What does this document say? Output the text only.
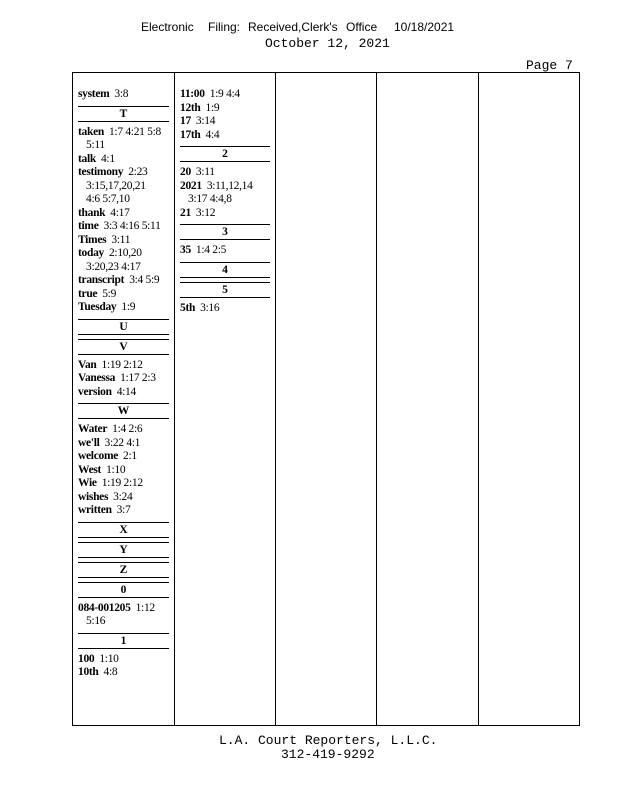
Electronic Filing: Received,Clerk's Office 10/18/2021
October 12, 2021
Page 7
system 3:8
T
taken 1:7 4:21 5:8
5:11
talk 4:1
testimony 2:23
3:15,17,20,21
4:6 5:7,10
thank 4:17
time 3:3 4:16 5:11
Times 3:11
today 2:10,20
3:20,23 4:17
transcript 3:4 5:9
true 5:9
Tuesday 1:9
U
V
Van 1:19 2:12
Vanessa 1:17 2:3
version 4:14
W
Water 1:4 2:6
we'll 3:22 4:1
welcome 2:1
West 1:10
Wie 1:19 2:12
wishes 3:24
written 3:7
X
Y
Z
0
084-001205 1:12
5:16
1
100 1:10
10th 4:8
11:00 1:9 4:4
12th 1:9
17 3:14
17th 4:4
2
20 3:11
2021 3:11,12,14
3:17 4:4,8
21 3:12
3
35 1:4 2:5
4
5
5th 3:16
L.A. Court Reporters, L.L.C.
312-419-9292
